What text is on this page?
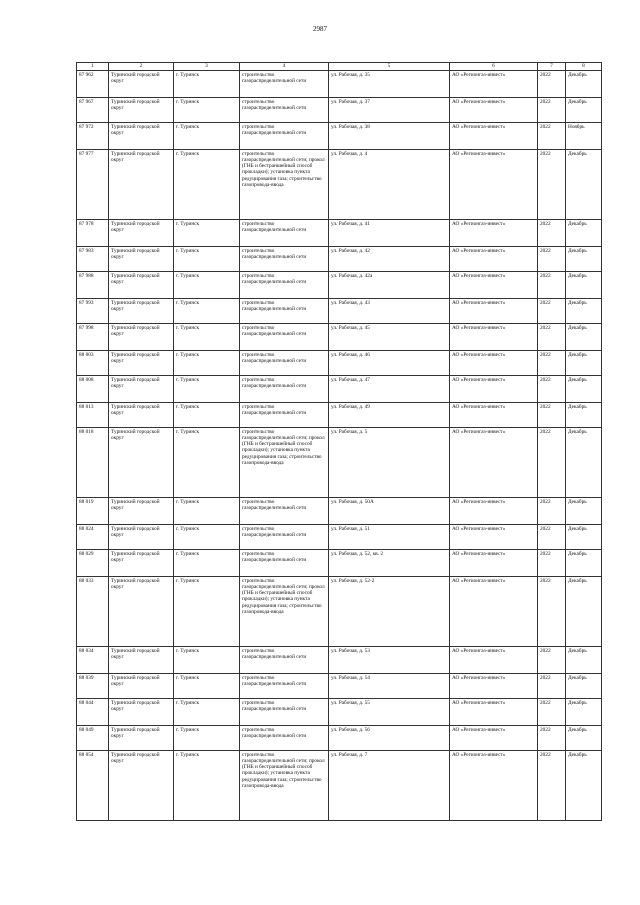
2987
1	2	3	4	5	6	7	8
87 962	Туринский городской округ	г. Туринск	строительство газораспределительной сети	ул. Рабочая, д. 35	АО «Регионгаз-инвест»	2022	Декабрь
87 967	Туринский городской округ	г. Туринск	строительство газораспределительной сети	ул. Рабочая, д. 37	АО «Регионгаз-инвест»	2022	Декабрь
87 972	Туринский городской округ	г. Туринск	строительство газораспределительной сети	ул. Рабочая, д. 38	АО «Регионгаз-инвест»	2022	Ноябрь
87 977	Туринский городской округ	г. Туринск	строительство газораспределительной сети; прокол (ГНБ и бестраншейный способ прокладки); установка пункта редуцирования газа; строительство газопровода-ввода	ул. Рабочая, д. 4	АО «Регионгаз-инвест»	2022	Декабрь
87 978	Туринский городской округ	г. Туринск	строительство газораспределительной сети	ул. Рабочая, д. 41	АО «Регионгаз-инвест»	2022	Декабрь
87 983	Туринский городской округ	г. Туринск	строительство газораспределительной сети	ул. Рабочая, д. 42	АО «Регионгаз-инвест»	2022	Декабрь
87 988	Туринский городской округ	г. Туринск	строительство газораспределительной сети	ул. Рабочая, д. 42а	АО «Регионгаз-инвест»	2022	Декабрь
87 993	Туринский городской округ	г. Туринск	строительство газораспределительной сети	ул. Рабочая, д. 43	АО «Регионгаз-инвест»	2022	Декабрь
87 998	Туринский городской округ	г. Туринск	строительство газораспределительной сети	ул. Рабочая, д. 45	АО «Регионгаз-инвест»	2022	Декабрь
88 003	Туринский городской округ	г. Туринск	строительство газораспределительной сети	ул. Рабочая, д. 46	АО «Регионгаз-инвест»	2022	Декабрь
88 008	Туринский городской округ	г. Туринск	строительство газораспределительной сети	ул. Рабочая, д. 47	АО «Регионгаз-инвест»	2022	Декабрь
88 013	Туринский городской округ	г. Туринск	строительство газораспределительной сети	ул. Рабочая, д. 49	АО «Регионгаз-инвест»	2022	Декабрь
88 018	Туринский городской округ	г. Туринск	строительство газораспределительной сети; прокол (ГНБ и бестраншейный способ прокладки); установка пункта редуцирования газа; строительство газопровода-ввода	ул. Рабочая, д. 5	АО «Регионгаз-инвест»	2022	Декабрь
88 019	Туринский городской округ	г. Туринск	строительство газораспределительной сети	ул. Рабочая, д. 50А	АО «Регионгаз-инвест»	2022	Декабрь
88 024	Туринский городской округ	г. Туринск	строительство газораспределительной сети	ул. Рабочая, д. 51	АО «Регионгаз-инвест»	2022	Декабрь
88 029	Туринский городской округ	г. Туринск	строительство газораспределительной сети	ул. Рабочая, д. 52, кв. 2	АО «Регионгаз-инвест»	2022	Декабрь
88 033	Туринский городской округ	г. Туринск	строительство газораспределительной сети; прокол (ГНБ и бестраншейный способ прокладки); установка пункта редуцирования газа; строительство газопровода-ввода	ул. Рабочая, д. 52-2	АО «Регионгаз-инвест»	2022	Декабрь
88 034	Туринский городской округ	г. Туринск	строительство газораспределительной сети	ул. Рабочая, д. 53	АО «Регионгаз-инвест»	2022	Декабрь
88 039	Туринский городской округ	г. Туринск	строительство газораспределительной сети	ул. Рабочая, д. 54	АО «Регионгаз-инвест»	2022	Декабрь
88 044	Туринский городской округ	г. Туринск	строительство газораспределительной сети	ул. Рабочая, д. 55	АО «Регионгаз-инвест»	2022	Декабрь
88 049	Туринский городской округ	г. Туринск	строительство газораспределительной сети	ул. Рабочая, д. 56	АО «Регионгаз-инвест»	2022	Декабрь
88 054	Туринский городской округ	г. Туринск	строительство газораспределительной сети; прокол (ГНБ и бестраншейный способ прокладки); установка пункта редуцирования газа; строительство газопровода-ввода	ул. Рабочая, д. 7	АО «Регионгаз-инвест»	2022	Декабрь
